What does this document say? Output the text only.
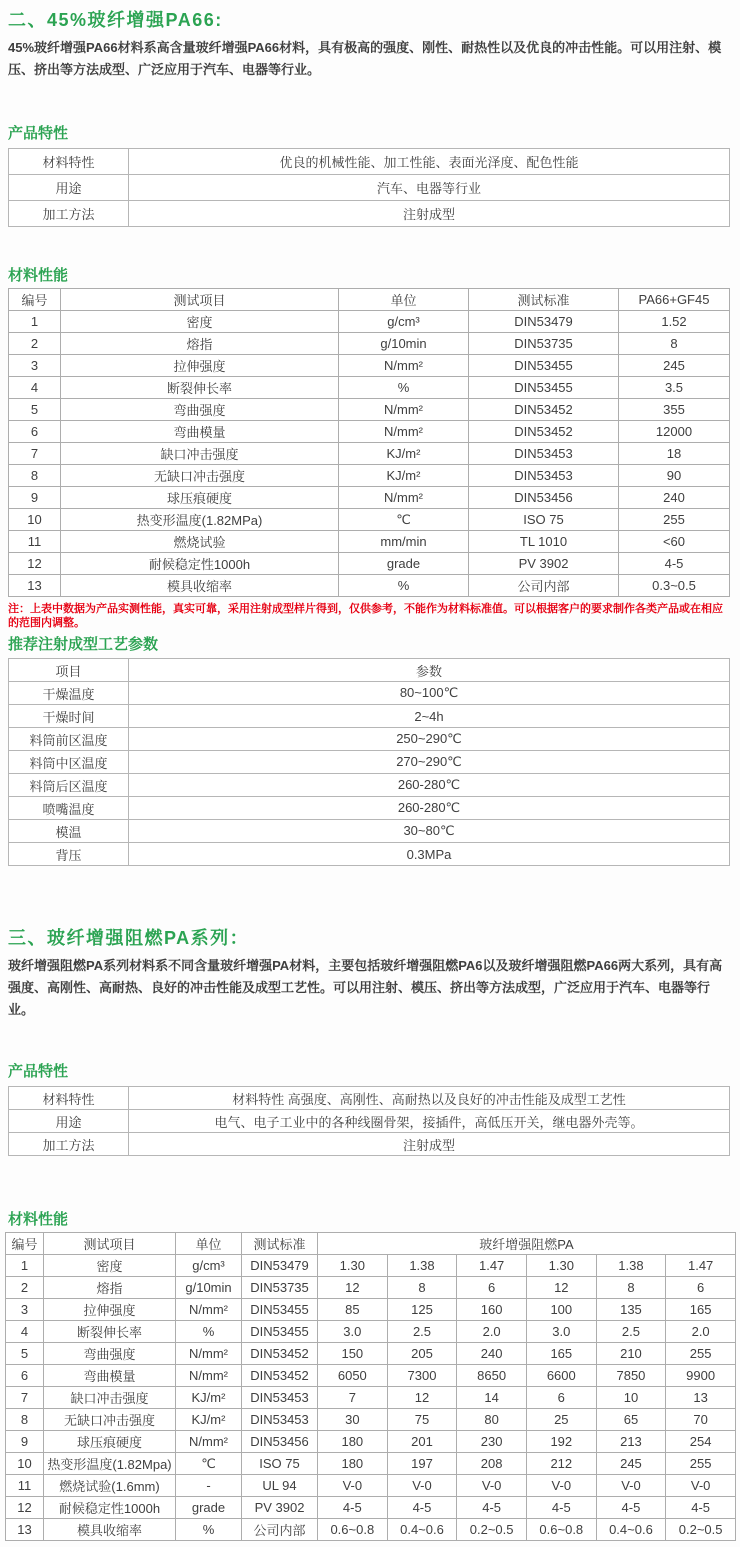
二、45%玻纤增强PA66:

45%玻纤增强PA66材料系高含量玻纤增强PA66材料，具有极高的强度、刚性、耐热性以及优良的冲击性能。可以用注射、模压、挤出等方法成型、广泛应用于汽车、电器等行业。

产品特性
材料特性	优良的机械性能、加工性能、表面光泽度、配色性能
用途	汽车、电器等行业
加工方法	注射成型
材料性能
编号	测试项目	单位	测试标准	PA66+GF45
1	密度	g/cm³	DIN53479	1.52
2	熔指	g/10min	DIN53735	8
3	拉伸强度	N/mm²	DIN53455	245
4	断裂伸长率	%	DIN53455	3.5
5	弯曲强度	N/mm²	DIN53452	355
6	弯曲模量	N/mm²	DIN53452	12000
7	缺口冲击强度	KJ/m²	DIN53453	18
8	无缺口冲击强度	KJ/m²	DIN53453	90
9	球压痕硬度	N/mm²	DIN53456	240
10	热变形温度(1.82MPa)	℃	ISO 75	255
11	燃烧试验	mm/min	TL 1010	<60
12	耐候稳定性1000h	grade	PV 3902	4-5
13	模具收缩率	%	公司内部	0.3~0.5

注：上表中数据为产品实测性能，真实可靠，采用注射成型样片得到，仅供参考，不能作为材料标准值。可以根据客户的要求制作各类产品或在相应的范围内调整。

推荐注射成型工艺参数
项目	参数
干燥温度	80~100℃
干燥时间	2~4h
料筒前区温度	250~290℃
料筒中区温度	270~290℃
料筒后区温度	260-280℃
喷嘴温度	260-280℃
模温	30~80℃
背压	0.3MPa
三、玻纤增强阻燃PA系列：

玻纤增强阻燃PA系列材料系不同含量玻纤增强PA材料，主要包括玻纤增强阻燃PA6以及玻纤增强阻燃PA66两大系列，具有高强度、高刚性、高耐热、良好的冲击性能及成型工艺性。可以用注射、模压、挤出等方法成型，广泛应用于汽车、电器等行业。

产品特性
材料特性	材料特性 高强度、高刚性、高耐热以及良好的冲击性能及成型工艺性
用途	电气、电子工业中的各种线圈骨架，接插件，高低压开关，继电器外壳等。
加工方法	注射成型
材料性能
编号	测试项目	单位	测试标准	玻纤增强阻燃PA					
1	密度	g/cm³	DIN53479	1.30	1.38	1.47	1.30	1.38	1.47
2	熔指	g/10min	DIN53735	12	8	6	12	8	6
3	拉伸强度	N/mm²	DIN53455	85	125	160	100	135	165
4	断裂伸长率	%	DIN53455	3.0	2.5	2.0	3.0	2.5	2.0
5	弯曲强度	N/mm²	DIN53452	150	205	240	165	210	255
6	弯曲模量	N/mm²	DIN53452	6050	7300	8650	6600	7850	9900
7	缺口冲击强度	KJ/m²	DIN53453	7	12	14	6	10	13
8	无缺口冲击强度	KJ/m²	DIN53453	30	75	80	25	65	70
9	球压痕硬度	N/mm²	DIN53456	180	201	230	192	213	254
10	热变形温度(1.82Mpa)	℃	ISO 75	180	197	208	212	245	255
11	燃烧试验(1.6mm)	-	UL 94	V-0	V-0	V-0	V-0	V-0	V-0
12	耐候稳定性1000h	grade	PV 3902	4-5	4-5	4-5	4-5	4-5	4-5
13	模具收缩率	%	公司内部	0.6~0.8	0.4~0.6	0.2~0.5	0.6~0.8	0.4~0.6	0.2~0.5
